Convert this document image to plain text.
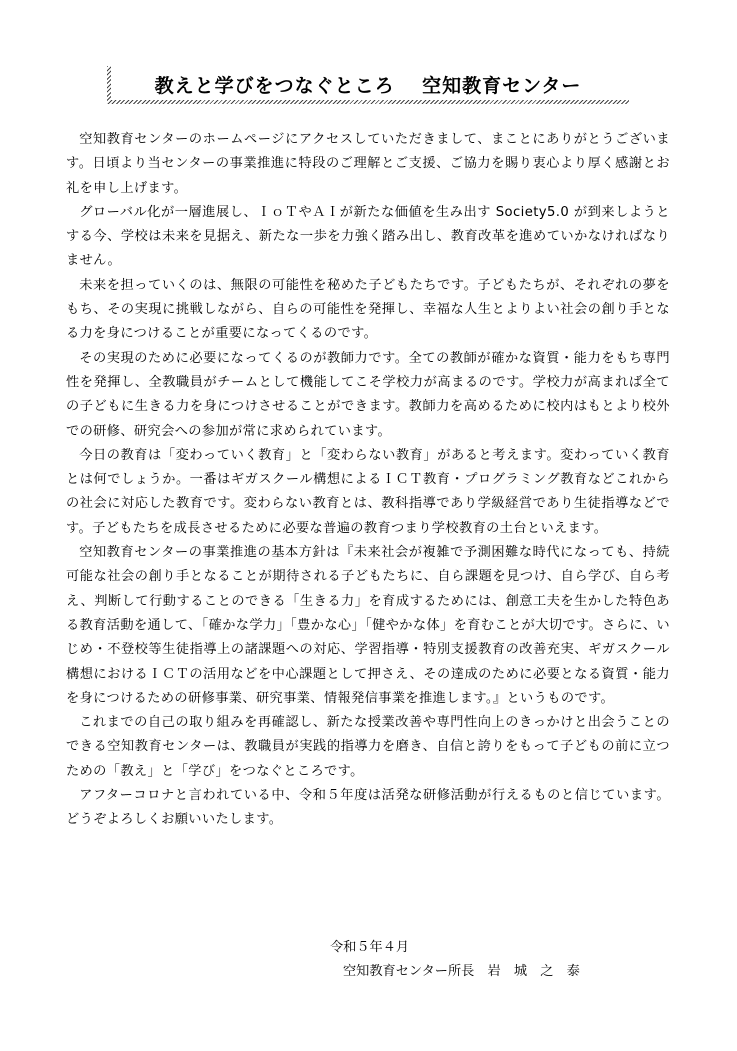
教えと学びをつなぐところ　 空知教育センター

空知教育センターのホームページにアクセスしていただきまして、まことにありがとうございます。日頃より当センターの事業推進に特段のご理解とご支援、ご協力を賜り衷心より厚く感謝とお礼を申し上げます。

グローバル化が一層進展し、ＩｏＴやＡＩが新たな価値を生み出す Society5.0 が到来しようとする今、学校は未来を見据え、新たな一歩を力強く踏み出し、教育改革を進めていかなければなりません。

未来を担っていくのは、無限の可能性を秘めた子どもたちです。子どもたちが、それぞれの夢をもち、その実現に挑戦しながら、自らの可能性を発揮し、幸福な人生とよりよい社会の創り手となる力を身につけることが重要になってくるのです。

その実現のために必要になってくるのが教師力です。全ての教師が確かな資質・能力をもち専門性を発揮し、全教職員がチームとして機能してこそ学校力が高まるのです。学校力が高まれば全ての子どもに生きる力を身につけさせることができます。教師力を高めるために校内はもとより校外での研修、研究会への参加が常に求められています。

今日の教育は「変わっていく教育」と「変わらない教育」があると考えます。変わっていく教育とは何でしょうか。一番はギガスクール構想によるＩＣＴ教育・プログラミング教育などこれからの社会に対応した教育です。変わらない教育とは、教科指導であり学級経営であり生徒指導などです。子どもたちを成長させるために必要な普遍の教育つまり学校教育の土台といえます。

空知教育センターの事業推進の基本方針は『未来社会が複雑で予測困難な時代になっても、持続可能な社会の創り手となることが期待される子どもたちに、自ら課題を見つけ、自ら学び、自ら考え、判断して行動することのできる「生きる力」を育成するためには、創意工夫を生かした特色ある教育活動を通して、「確かな学力」「豊かな心」「健やかな体」を育むことが大切です。さらに、いじめ・不登校等生徒指導上の諸課題への対応、学習指導・特別支援教育の改善充実、ギガスクール構想におけるＩＣＴの活用などを中心課題として押さえ、その達成のために必要となる資質・能力を身につけるための研修事業、研究事業、情報発信事業を推進します。』というものです。

これまでの自己の取り組みを再確認し、新たな授業改善や専門性向上のきっかけと出会うことのできる空知教育センターは、教職員が実践的指導力を磨き、自信と誇りをもって子どもの前に立つための「教え」と「学び」をつなぐところです。

アフターコロナと言われている中、令和５年度は活発な研修活動が行えるものと信じています。どうぞよろしくお願いいたします。

令和５年４月
空知教育センター所長　岩　城　之　泰
